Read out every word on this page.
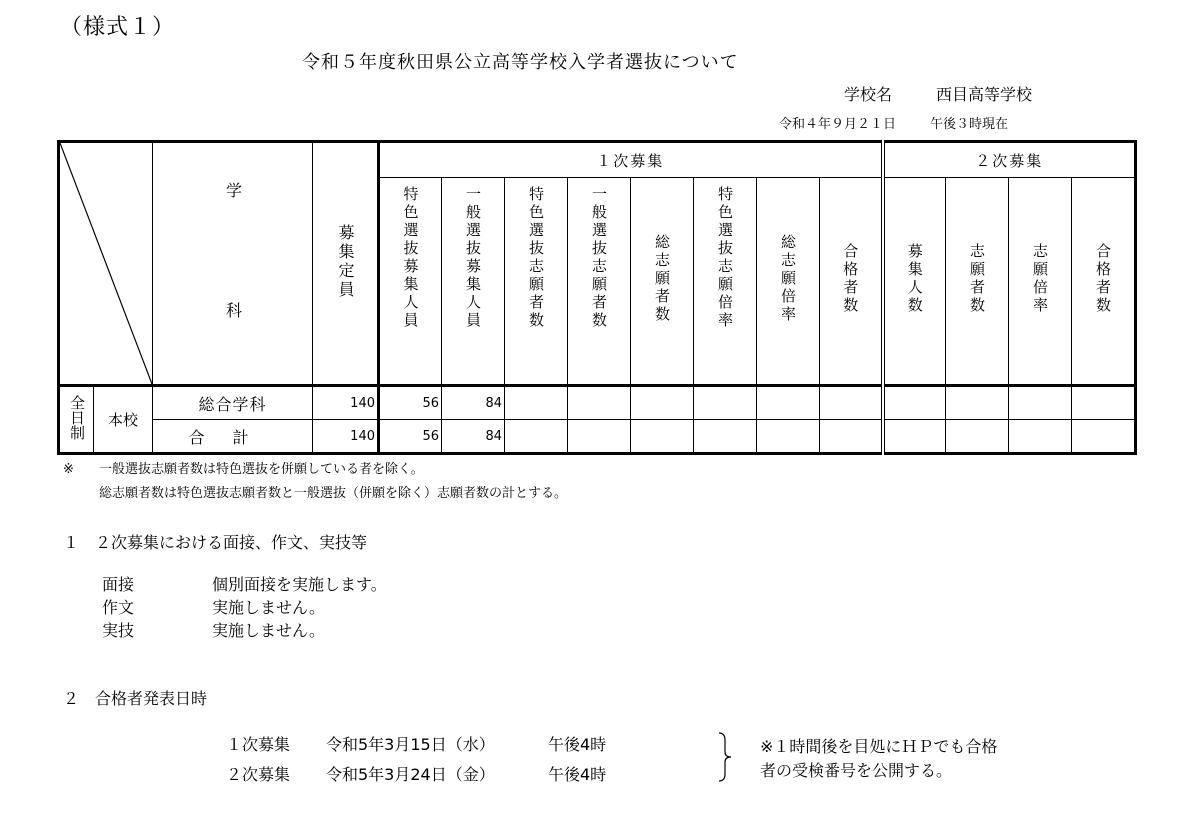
（様式１）
令和５年度秋田県公立高等学校入学者選抜について
学校名	西目高等学校
令和４年９月２１日	午後３時現在
	学　　科	募集定員	１次募集								２次募集			
				特色選抜募集人員	一般選抜募集人員	特色選抜志願者数	一般選抜志願者数	総志願者数	特色選抜志願倍率	総志願倍率	合格者数	募集人数	志願者数	志願倍率	合格者数
全日制	本校	総合学科	140	56	84										
		合計	140	56	84										
※ 一般選抜志願者数は特色選抜を併願している者を除く。
総志願者数は特色選抜志願者数と一般選抜（併願を除く）志願者数の計とする。
１　２次募集における面接、作文、実技等
面接	個別面接を実施します。
作文	実施しません。
実技	実施しません。
２　合格者発表日時
１次募集 令和5年3月15日（水）	午後4時
２次募集 令和5年3月24日（金）	午後4時
※１時間後を目処にＨＰでも合格
者の受検番号を公開する。
